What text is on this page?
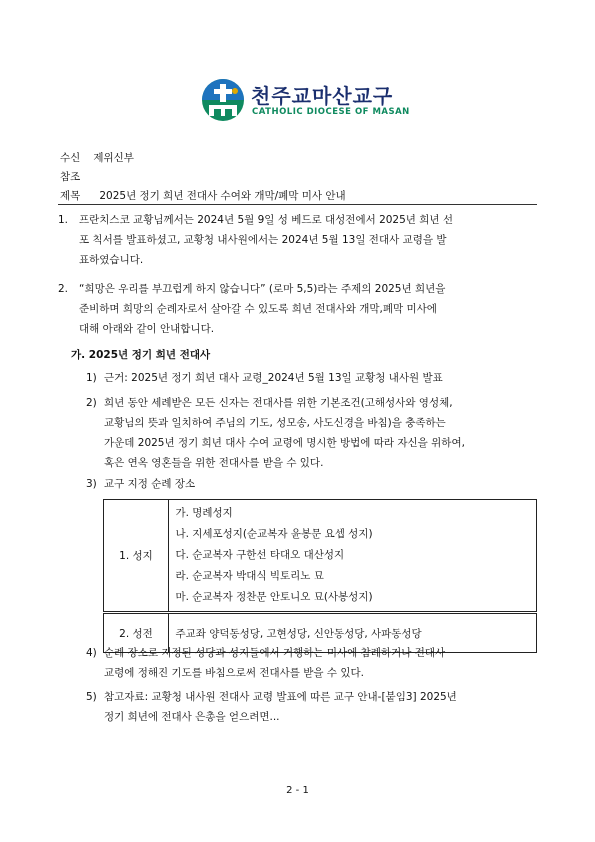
천주교마산교구
CATHOLIC DIOCESE OF MASAN
수신 제위신부
참조
제목 2025년 정기 희년 전대사 수여와 개막/폐막 미사 안내
1. 프란치스코 교황님께서는 2024년 5월 9일 성 베드로 대성전에서 2025년 희년 선
포 칙서를 발표하셨고, 교황청 내사원에서는 2024년 5월 13일 전대사 교령을 발
표하였습니다.
2. “희망은 우리를 부끄럽게 하지 않습니다” (로마 5,5)라는 주제의 2025년 희년을
준비하며 희망의 순례자로서 살아갈 수 있도록 희년 전대사와 개막,폐막 미사에
대해 아래와 같이 안내합니다.
가. 2025년 정기 희년 전대사
1) 근거: 2025년 정기 희년 대사 교령_2024년 5월 13일 교황청 내사원 발표
2) 희년 동안 세례받은 모든 신자는 전대사를 위한 기본조건(고해성사와 영성체,
교황님의 뜻과 일치하여 주님의 기도, 성모송, 사도신경을 바침)을 충족하는
가운데 2025년 정기 희년 대사 수여 교령에 명시한 방법에 따라 자신을 위하여,
혹은 연옥 영혼들을 위한 전대사를 받을 수 있다.
3) 교구 지정 순례 장소
1. 성지	가. 명례성지
나. 지세포성지(순교복자 윤봉문 요셉 성지)
다. 순교복자 구한선 타대오 대산성지
라. 순교복자 박대식 빅토리노 묘
마. 순교복자 정찬문 안토니오 묘(사봉성지)

2. 성전	주교좌 양덕동성당, 고현성당, 신안동성당, 사파동성당
4) 순례 장소로 지정된 성당과 성지들에서 거행하는 미사에 참례하거나 전대사
교령에 정해진 기도를 바침으로써 전대사를 받을 수 있다.
5) 참고자료: 교황청 내사원 전대사 교령 발표에 따른 교구 안내-[붙임3] 2025년
정기 희년에 전대사 은총을 얻으려면...
2 - 1
